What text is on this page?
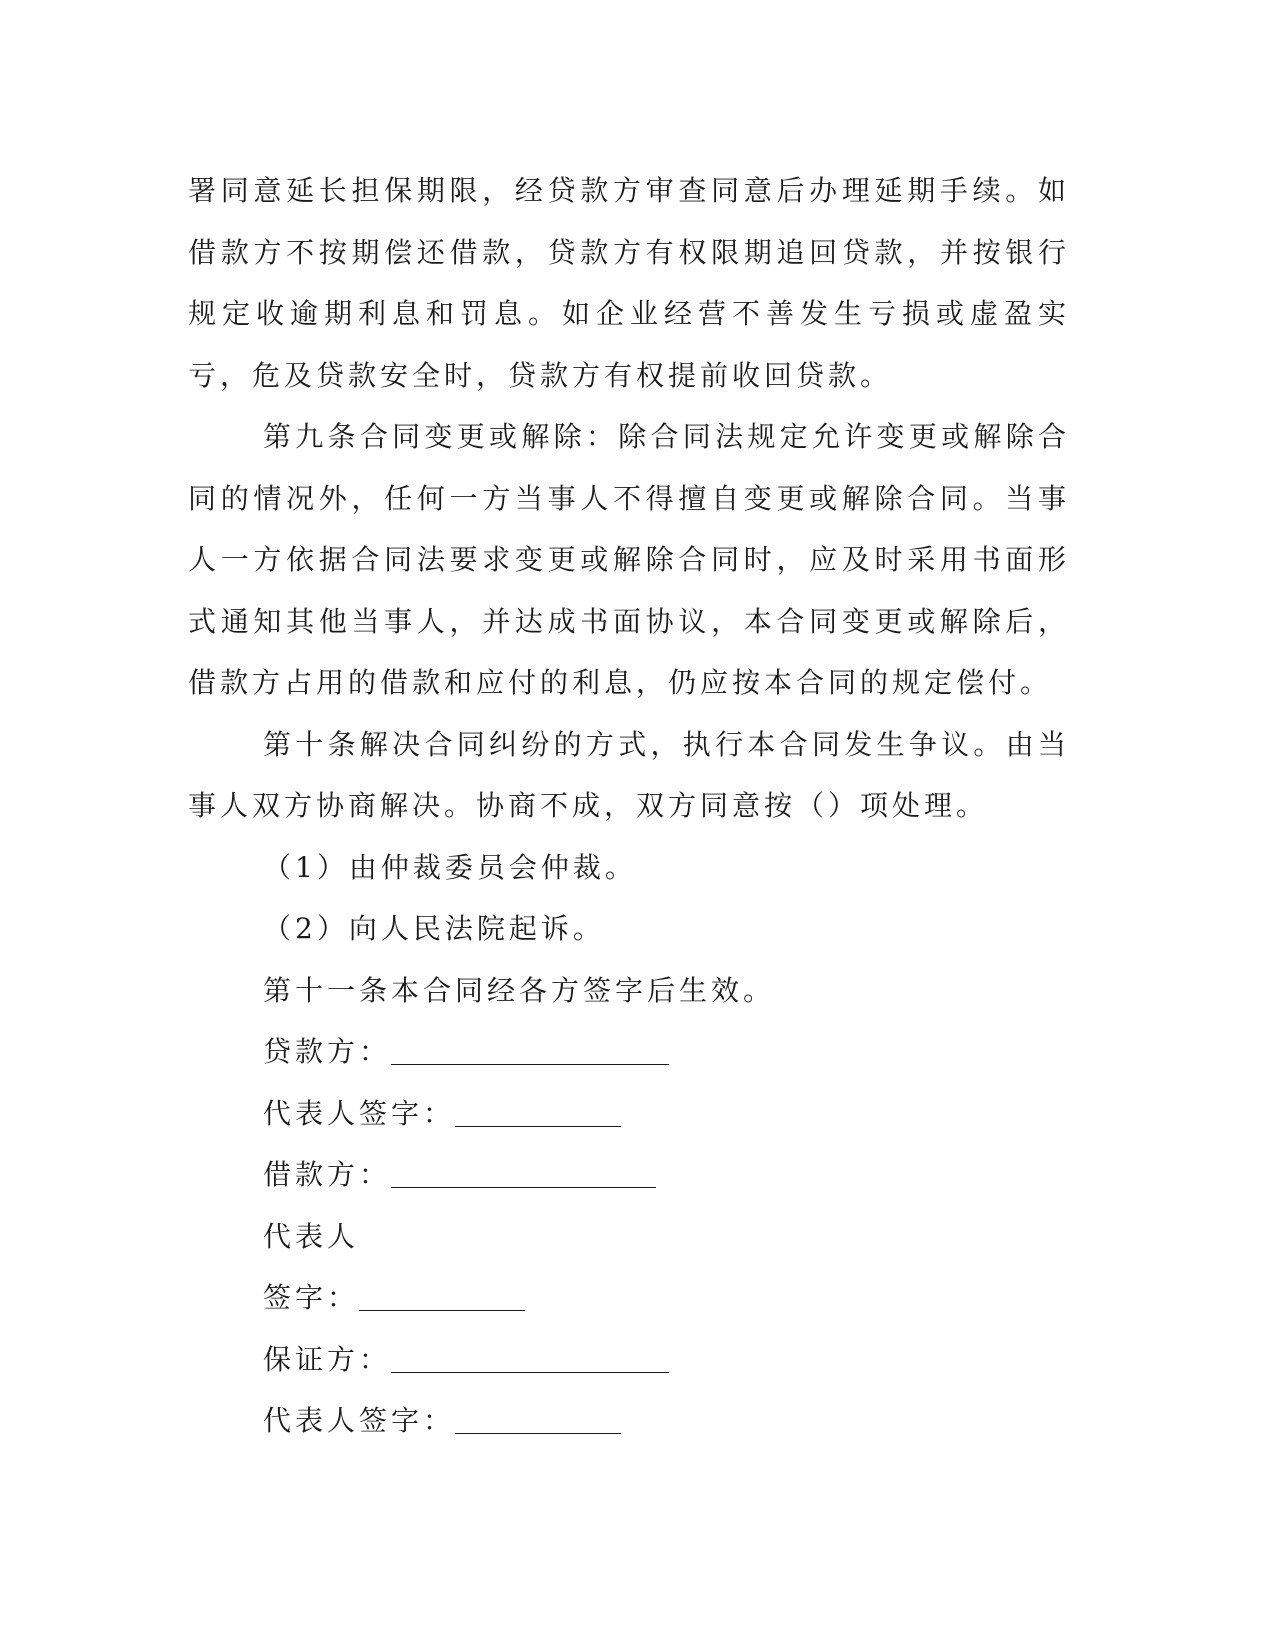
署同意延长担保期限，经贷款方审查同意后办理延期手续。如借款方不按期偿还借款，贷款方有权限期追回贷款，并按银行规定收逾期利息和罚息。如企业经营不善发生亏损或虚盈实亏，危及贷款安全时，贷款方有权提前收回贷款。

第九条合同变更或解除：除合同法规定允许变更或解除合同的情况外，任何一方当事人不得擅自变更或解除合同。当事人一方依据合同法要求变更或解除合同时，应及时采用书面形式通知其他当事人，并达成书面协议，本合同变更或解除后，借款方占用的借款和应付的利息，仍应按本合同的规定偿付。

第十条解决合同纠纷的方式，执行本合同发生争议。由当事人双方协商解决。协商不成，双方同意按（）项处理。

（1）由仲裁委员会仲裁。

（2）向人民法院起诉。

第十一条本合同经各方签字后生效。

贷款方：

代表人签字：

借款方：

代表人

签字：

保证方：

代表人签字：
